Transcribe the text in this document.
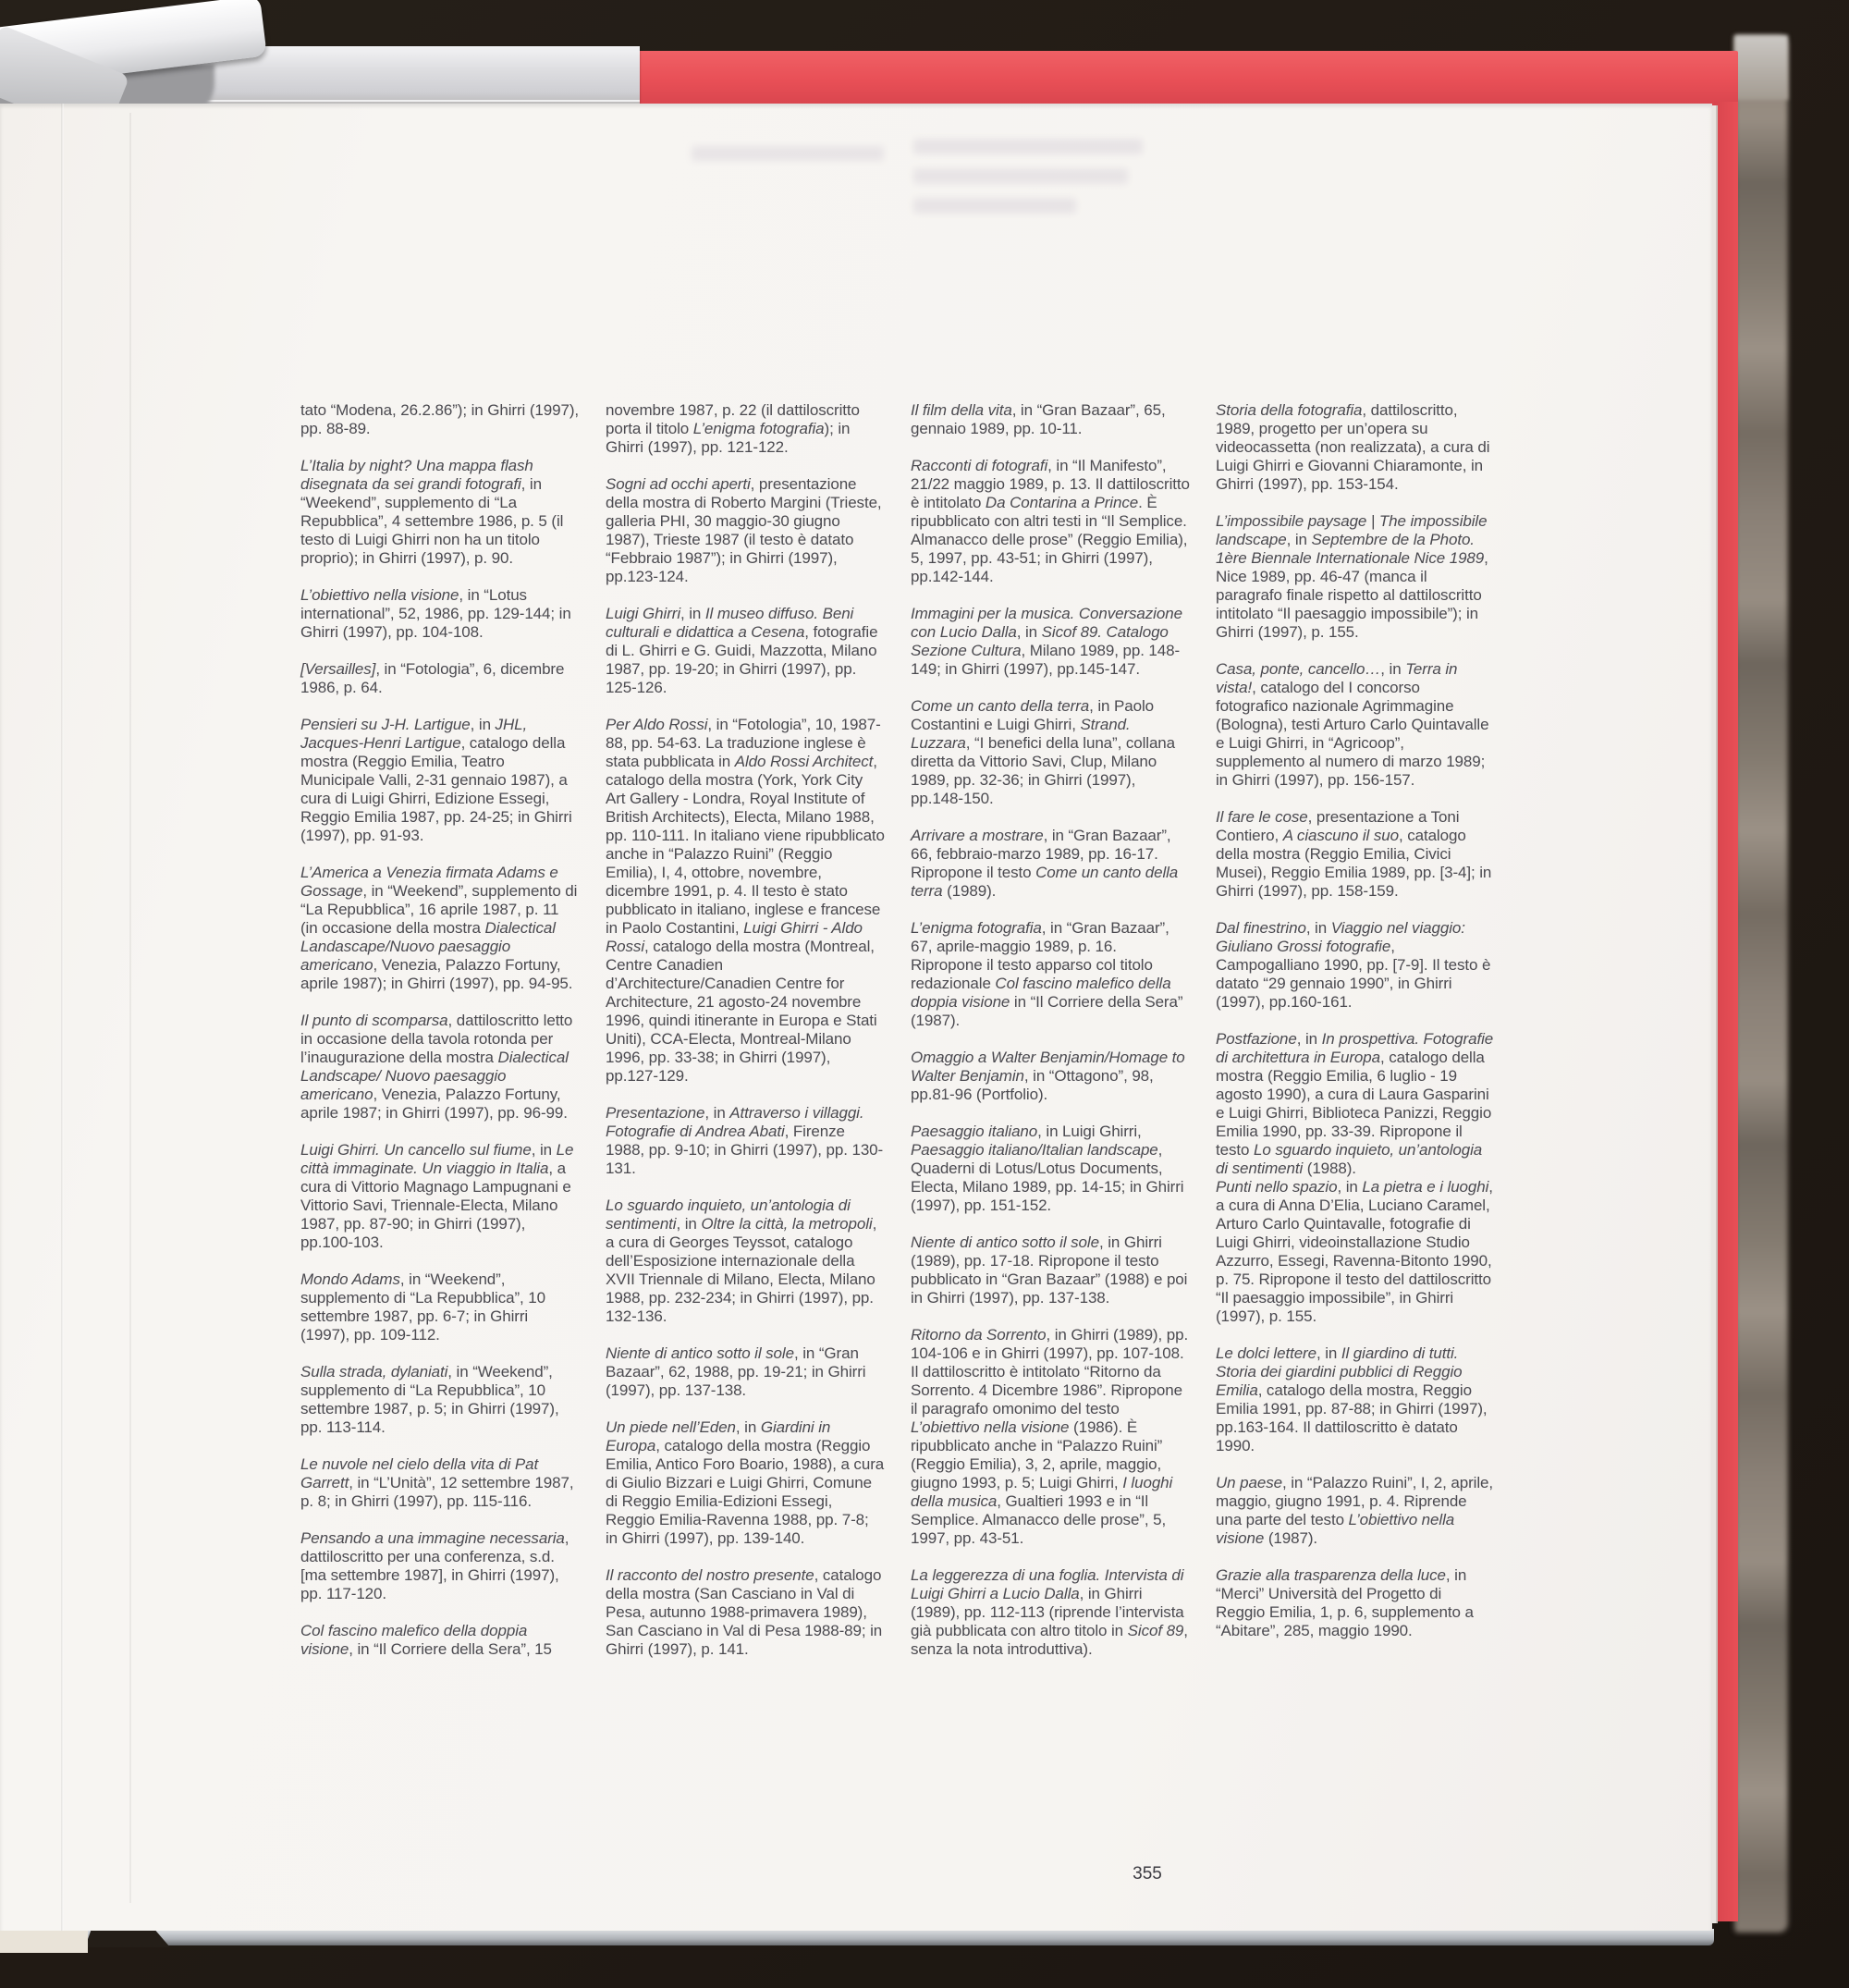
tato “Modena, 26.2.86”); in Ghirri (1997), pp. 88-89.

L’Italia by night? Una mappa flash disegnata da sei grandi fotografi, in “Weekend”, supplemento di “La Repubblica”, 4 settembre 1986, p. 5 (il testo di Luigi Ghirri non ha un titolo proprio); in Ghirri (1997), p. 90.

L’obiettivo nella visione, in “Lotus international”, 52, 1986, pp. 129-144; in Ghirri (1997), pp. 104-108.

[Versailles], in “Fotologia”, 6, dicembre 1986, p. 64.

Pensieri su J-H. Lartigue, in JHL, Jacques-Henri Lartigue, catalogo della mostra (Reggio Emilia, Teatro Municipale Valli, 2-31 gennaio 1987), a cura di Luigi Ghirri, Edizione Essegi, Reggio Emilia 1987, pp. 24-25; in Ghirri (1997), pp. 91-93.

L’America a Venezia firmata Adams e Gossage, in “Weekend”, supplemento di “La Repubblica”, 16 aprile 1987, p. 11 (in occasione della mostra Dialectical Landascape/Nuovo paesaggio americano, Venezia, Palazzo Fortuny, aprile 1987); in Ghirri (1997), pp. 94-95.

Il punto di scomparsa, dattiloscritto letto in occasione della tavola rotonda per l’inaugurazione della mostra Dialectical Landscape/ Nuovo paesaggio americano, Venezia, Palazzo Fortuny, aprile 1987; in Ghirri (1997), pp. 96-99.

Luigi Ghirri. Un cancello sul fiume, in Le città immaginate. Un viaggio in Italia, a cura di Vittorio Magnago Lampugnani e Vittorio Savi, Triennale-Electa, Milano 1987, pp. 87-90; in Ghirri (1997), pp.100-103.

Mondo Adams, in “Weekend”, supplemento di “La Repubblica”, 10 settembre 1987, pp. 6-7; in Ghirri (1997), pp. 109-112.

Sulla strada, dylaniati, in “Weekend”, supplemento di “La Repubblica”, 10 settembre 1987, p. 5; in Ghirri (1997), pp. 113-114.

Le nuvole nel cielo della vita di Pat Garrett, in “L’Unità”, 12 settembre 1987, p. 8; in Ghirri (1997), pp. 115-116.

Pensando a una immagine necessaria, dattiloscritto per una conferenza, s.d. [ma settembre 1987], in Ghirri (1997), pp. 117-120.

Col fascino malefico della doppia visione, in “Il Corriere della Sera”, 15

novembre 1987, p. 22 (il dattiloscritto porta il titolo L’enigma fotografia); in Ghirri (1997), pp. 121-122.

Sogni ad occhi aperti, presentazione della mostra di Roberto Margini (Trieste, galleria PHI, 30 maggio-30 giugno 1987), Trieste 1987 (il testo è datato “Febbraio 1987”); in Ghirri (1997), pp.123-124.

Luigi Ghirri, in Il museo diffuso. Beni culturali e didattica a Cesena, fotografie di L. Ghirri e G. Guidi, Mazzotta, Milano 1987, pp. 19-20; in Ghirri (1997), pp. 125-126.

Per Aldo Rossi, in “Fotologia”, 10, 1987-88, pp. 54-63. La traduzione inglese è stata pubblicata in Aldo Rossi Architect, catalogo della mostra (York, York City Art Gallery - Londra, Royal Institute of British Architects), Electa, Milano 1988, pp. 110-111. In italiano viene ripubblicato anche in “Palazzo Ruini” (Reggio Emilia), I, 4, ottobre, novembre, dicembre 1991, p. 4. Il testo è stato pubblicato in italiano, inglese e francese in Paolo Costantini, Luigi Ghirri - Aldo Rossi, catalogo della mostra (Montreal, Centre Canadien d’Architecture/Canadien Centre for Architecture, 21 agosto-24 novembre 1996, quindi itinerante in Europa e Stati Uniti), CCA-Electa, Montreal-Milano 1996, pp. 33-38; in Ghirri (1997), pp.127-129.

Presentazione, in Attraverso i villaggi. Fotografie di Andrea Abati, Firenze 1988, pp. 9-10; in Ghirri (1997), pp. 130-131.

Lo sguardo inquieto, un’antologia di sentimenti, in Oltre la città, la metropoli, a cura di Georges Teyssot, catalogo dell’Esposizione internazionale della XVII Triennale di Milano, Electa, Milano 1988, pp. 232-234; in Ghirri (1997), pp. 132-136.

Niente di antico sotto il sole, in “Gran Bazaar”, 62, 1988, pp. 19-21; in Ghirri (1997), pp. 137-138.

Un piede nell’Eden, in Giardini in Europa, catalogo della mostra (Reggio Emilia, Antico Foro Boario, 1988), a cura di Giulio Bizzari e Luigi Ghirri, Comune di Reggio Emilia-Edizioni Essegi, Reggio Emilia-Ravenna 1988, pp. 7-8; in Ghirri (1997), pp. 139-140.

Il racconto del nostro presente, catalogo della mostra (San Casciano in Val di Pesa, autunno 1988-primavera 1989), San Casciano in Val di Pesa 1988-89; in Ghirri (1997), p. 141.

Il film della vita, in “Gran Bazaar”, 65, gennaio 1989, pp. 10-11.

Racconti di fotografi, in “Il Manifesto”, 21/22 maggio 1989, p. 13. Il dattiloscritto è intitolato Da Contarina a Prince. È ripubblicato con altri testi in “Il Semplice. Almanacco delle prose” (Reggio Emilia), 5, 1997, pp. 43-51; in Ghirri (1997), pp.142-144.

Immagini per la musica. Conversazione con Lucio Dalla, in Sicof 89. Catalogo Sezione Cultura, Milano 1989, pp. 148-149; in Ghirri (1997), pp.145-147.

Come un canto della terra, in Paolo Costantini e Luigi Ghirri, Strand. Luzzara, “I benefici della luna”, collana diretta da Vittorio Savi, Clup, Milano 1989, pp. 32-36; in Ghirri (1997), pp.148-150.

Arrivare a mostrare, in “Gran Bazaar”, 66, febbraio-marzo 1989, pp. 16-17. Ripropone il testo Come un canto della terra (1989).

L’enigma fotografia, in “Gran Bazaar”, 67, aprile-maggio 1989, p. 16. Ripropone il testo apparso col titolo redazionale Col fascino malefico della doppia visione in “Il Corriere della Sera” (1987).

Omaggio a Walter Benjamin/Homage to Walter Benjamin, in “Ottagono”, 98, pp.81-96 (Portfolio).

Paesaggio italiano, in Luigi Ghirri, Paesaggio italiano/Italian landscape, Quaderni di Lotus/Lotus Documents, Electa, Milano 1989, pp. 14-15; in Ghirri (1997), pp. 151-152.

Niente di antico sotto il sole, in Ghirri (1989), pp. 17-18. Ripropone il testo pubblicato in “Gran Bazaar” (1988) e poi in Ghirri (1997), pp. 137-138.

Ritorno da Sorrento, in Ghirri (1989), pp. 104-106 e in Ghirri (1997), pp. 107-108. Il dattiloscritto è intitolato “Ritorno da Sorrento. 4 Dicembre 1986”. Ripropone il paragrafo omonimo del testo L’obiettivo nella visione (1986). È ripubblicato anche in “Palazzo Ruini” (Reggio Emilia), 3, 2, aprile, maggio, giugno 1993, p. 5; Luigi Ghirri, I luoghi della musica, Gualtieri 1993 e in “Il Semplice. Almanacco delle prose”, 5, 1997, pp. 43-51.

La leggerezza di una foglia. Intervista di Luigi Ghirri a Lucio Dalla, in Ghirri (1989), pp. 112-113 (riprende l’intervista già pubblicata con altro titolo in Sicof 89, senza la nota introduttiva).

Storia della fotografia, dattiloscritto, 1989, progetto per un’opera su videocassetta (non realizzata), a cura di Luigi Ghirri e Giovanni Chiaramonte, in Ghirri (1997), pp. 153-154.

L’impossibile paysage | The impossibile landscape, in Septembre de la Photo. 1ère Biennale Internationale Nice 1989, Nice 1989, pp. 46-47 (manca il paragrafo finale rispetto al dattiloscritto intitolato “Il paesaggio impossibile”); in Ghirri (1997), p. 155.

Casa, ponte, cancello…, in Terra in vista!, catalogo del I concorso fotografico nazionale Agrimmagine (Bologna), testi Arturo Carlo Quintavalle e Luigi Ghirri, in “Agricoop”, supplemento al numero di marzo 1989; in Ghirri (1997), pp. 156-157.

Il fare le cose, presentazione a Toni Contiero, A ciascuno il suo, catalogo della mostra (Reggio Emilia, Civici Musei), Reggio Emilia 1989, pp. [3-4]; in Ghirri (1997), pp. 158-159.

Dal finestrino, in Viaggio nel viaggio: Giuliano Grossi fotografie, Campogalliano 1990, pp. [7-9]. Il testo è datato “29 gennaio 1990”, in Ghirri (1997), pp.160-161.

Postfazione, in In prospettiva. Fotografie di architettura in Europa, catalogo della mostra (Reggio Emilia, 6 luglio - 19 agosto 1990), a cura di Laura Gasparini e Luigi Ghirri, Biblioteca Panizzi, Reggio Emilia 1990, pp. 33-39. Ripropone il testo Lo sguardo inquieto, un’antologia di sentimenti (1988).

Punti nello spazio, in La pietra e i luoghi, a cura di Anna D’Elia, Luciano Caramel, Arturo Carlo Quintavalle, fotografie di Luigi Ghirri, videoinstallazione Studio Azzurro, Essegi, Ravenna-Bitonto 1990, p. 75. Ripropone il testo del dattiloscritto “Il paesaggio impossibile”, in Ghirri (1997), p. 155.

Le dolci lettere, in Il giardino di tutti. Storia dei giardini pubblici di Reggio Emilia, catalogo della mostra, Reggio Emilia 1991, pp. 87-88; in Ghirri (1997), pp.163-164. Il dattiloscritto è datato 1990.

Un paese, in “Palazzo Ruini”, I, 2, aprile, maggio, giugno 1991, p. 4. Riprende una parte del testo L’obiettivo nella visione (1987).

Grazie alla trasparenza della luce, in “Merci” Università del Progetto di Reggio Emilia, 1, p. 6, supplemento a “Abitare”, 285, maggio 1990.

355
